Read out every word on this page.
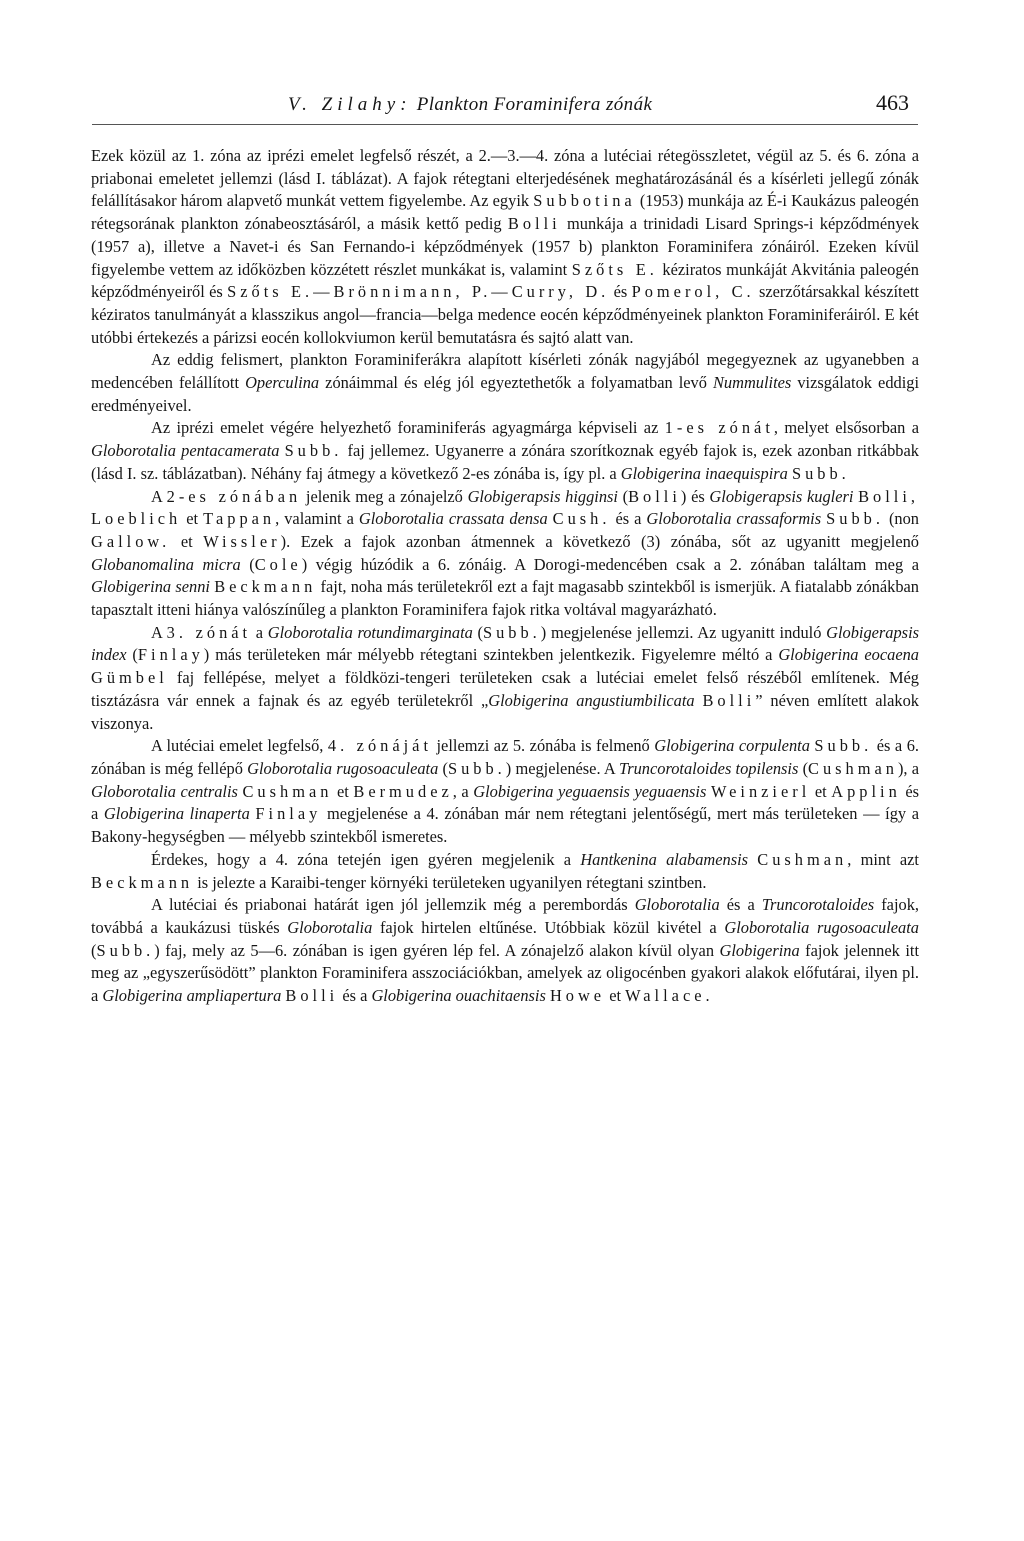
V. Zilahy: Plankton Foraminifera zónák	463

Ezek közül az 1. zóna az iprézi emelet legfelső részét, a 2.—3.—4. zóna a lutéciai rétegösszletet, végül az 5. és 6. zóna a priabonai emeletet jellemzi (lásd I. táblázat). A fajok rétegtani elterjedésének meghatározásánál és a kísérleti jellegű zónák felállításakor három alapvető munkát vettem figyelembe. Az egyik Subbotina (1953) munkája az É-i Kaukázus paleogén rétegsorának plankton zónabeosztásáról, a másik kettő pedig Bolli munkája a trinidadi Lisard Springs-i képződmények (1957 a), illetve a Navet-i és San Fernando-i képződmények (1957 b) plankton Foraminifera zónáiról. Ezeken kívül figyelembe vettem az időközben közzétett részlet munkákat is, valamint Szőts E. kéziratos munkáját Akvitánia paleogén képződményeiről és Szőts E.—Brönnimann, P.—Curry, D. és Pomerol, C. szerzőtársakkal készített kéziratos tanulmányát a klasszikus angol—francia—belga medence eocén képződményeinek plankton Foraminiferáiról. E két utóbbi értekezés a párizsi eocén kollokviumon kerül bemutatásra és sajtó alatt van.

Az eddig felismert, plankton Foraminiferákra alapított kísérleti zónák nagyjából megegyeznek az ugyanebben a medencében felállított Operculina zónáimmal és elég jól egyeztethetők a folyamatban levő Nummulites vizsgálatok eddigi eredményeivel.

Az iprézi emelet végére helyezhető foraminiferás agyagmárga képviseli az 1-es zónát, melyet elsősorban a Globorotalia pentacamerata Subb. faj jellemez. Ugyanerre a zónára szorítkoznak egyéb fajok is, ezek azonban ritkábbak (lásd I. sz. táblázatban). Néhány faj átmegy a következő 2-es zónába is, így pl. a Globigerina inaequispira Subb.

A 2-es zónában jelenik meg a zónajelző Globigerapsis higginsi (Bolli) és Globigerapsis kugleri Bolli, Loeblich et Tappan, valamint a Globorotalia crassata densa Cush. és a Globorotalia crassaformis Subb. (non Gallow. et Wissler). Ezek a fajok azonban átmennek a következő (3) zónába, sőt az ugyanitt megjelenő Globanomalina micra (Cole) végig húzódik a 6. zónáig. A Dorogi-medencében csak a 2. zónában találtam meg a Globigerina senni Beckmann fajt, noha más területekről ezt a fajt magasabb szintekből is ismerjük. A fiatalabb zónákban tapasztalt itteni hiánya valószínűleg a plankton Foraminifera fajok ritka voltával magyarázható.

A 3. zónát a Globorotalia rotundimarginata (Subb.) megjelenése jellemzi. Az ugyanitt induló Globigerapsis index (Finlay) más területeken már mélyebb rétegtani szintekben jelentkezik. Figyelemre méltó a Globigerina eocaena Gümbel faj fellépése, melyet a földközi-tengeri területeken csak a lutéciai emelet felső részéből említenek. Még tisztázásra vár ennek a fajnak és az egyéb területekről „Globigerina angustiumbilicata Bolli” néven említett alakok viszonya.

A lutéciai emelet legfelső, 4. zónáját jellemzi az 5. zónába is felmenő Globigerina corpulenta Subb. és a 6. zónában is még fellépő Globorotalia rugosoaculeata (Subb.) megjelenése. A Truncorotaloides topilensis (Cushman), a Globorotalia centralis Cushman et Bermudez, a Globigerina yeguaensis yeguaensis Weinzierl et Applin és a Globigerina linaperta Finlay megjelenése a 4. zónában már nem rétegtani jelentőségű, mert más területeken — így a Bakony-hegységben — mélyebb szintekből ismeretes.

Érdekes, hogy a 4. zóna tetején igen gyéren megjelenik a Hantkenina alabamensis Cushman, mint azt Beckmann is jelezte a Karaibi-tenger környéki területeken ugyanilyen rétegtani szintben.

A lutéciai és priabonai határát igen jól jellemzik még a perembordás Globorotalia és a Truncorotaloides fajok, továbbá a kaukázusi tüskés Globorotalia fajok hirtelen eltűnése. Utóbbiak közül kivétel a Globorotalia rugosoaculeata (Subb.) faj, mely az 5—6. zónában is igen gyéren lép fel. A zónajelző alakon kívül olyan Globigerina fajok jelennek itt meg az „egyszerűsödött” plankton Foraminifera asszociációkban, amelyek az oligocénben gyakori alakok előfutárai, ilyen pl. a Globigerina ampliapertura Bolli és a Globigerina ouachitaensis Howe et Wallace.
